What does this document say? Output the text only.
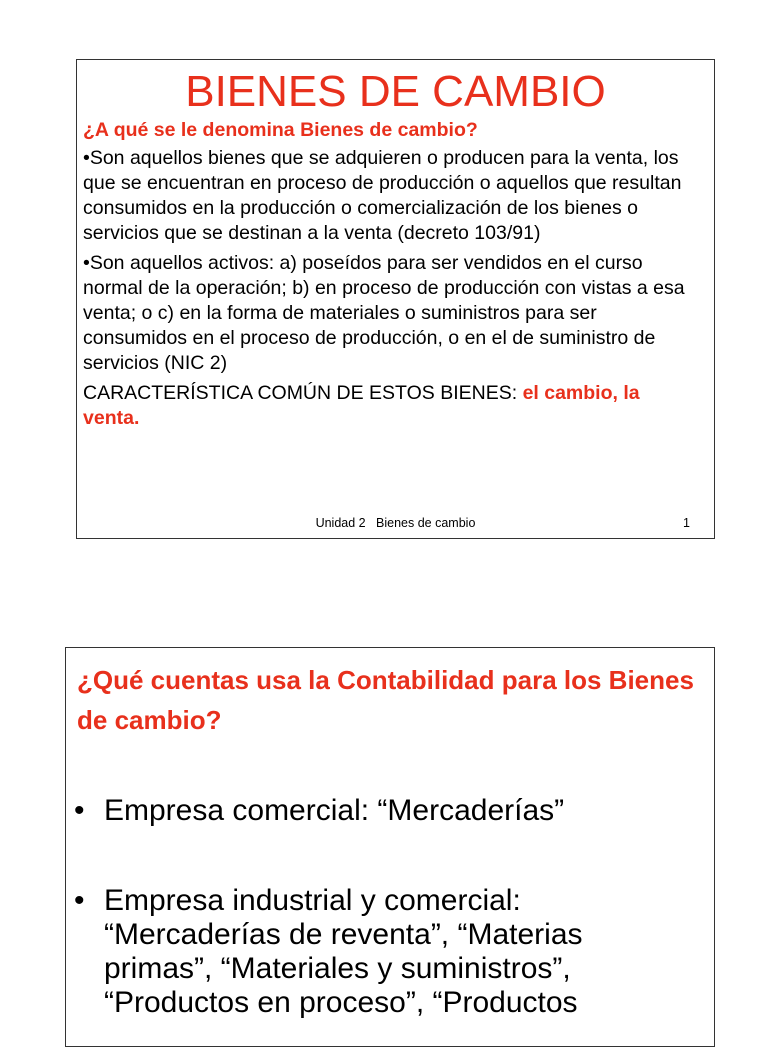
BIENES DE CAMBIO
¿A qué se le denomina Bienes de cambio?
•Son aquellos bienes que se adquieren o producen para la venta, los que se encuentran en proceso de producción o aquellos que resultan consumidos en la producción o comercialización de los bienes o servicios que se destinan a la venta (decreto 103/91)
•Son aquellos activos: a) poseídos para ser vendidos en el curso normal de la operación; b) en proceso de producción con vistas a esa venta; o c) en la forma de materiales o suministros para ser consumidos en el proceso de producción, o en el de suministro de servicios (NIC 2)
CARACTERÍSTICA COMÚN DE ESTOS BIENES: el cambio, la venta.
Unidad 2   Bienes de cambio	1
¿Qué cuentas usa la Contabilidad para los Bienes de cambio?
• Empresa comercial: “Mercaderías”
• Empresa industrial y comercial: “Mercaderías de reventa”, “Materias primas”, “Materiales y suministros”, “Productos en proceso”, “Productos
